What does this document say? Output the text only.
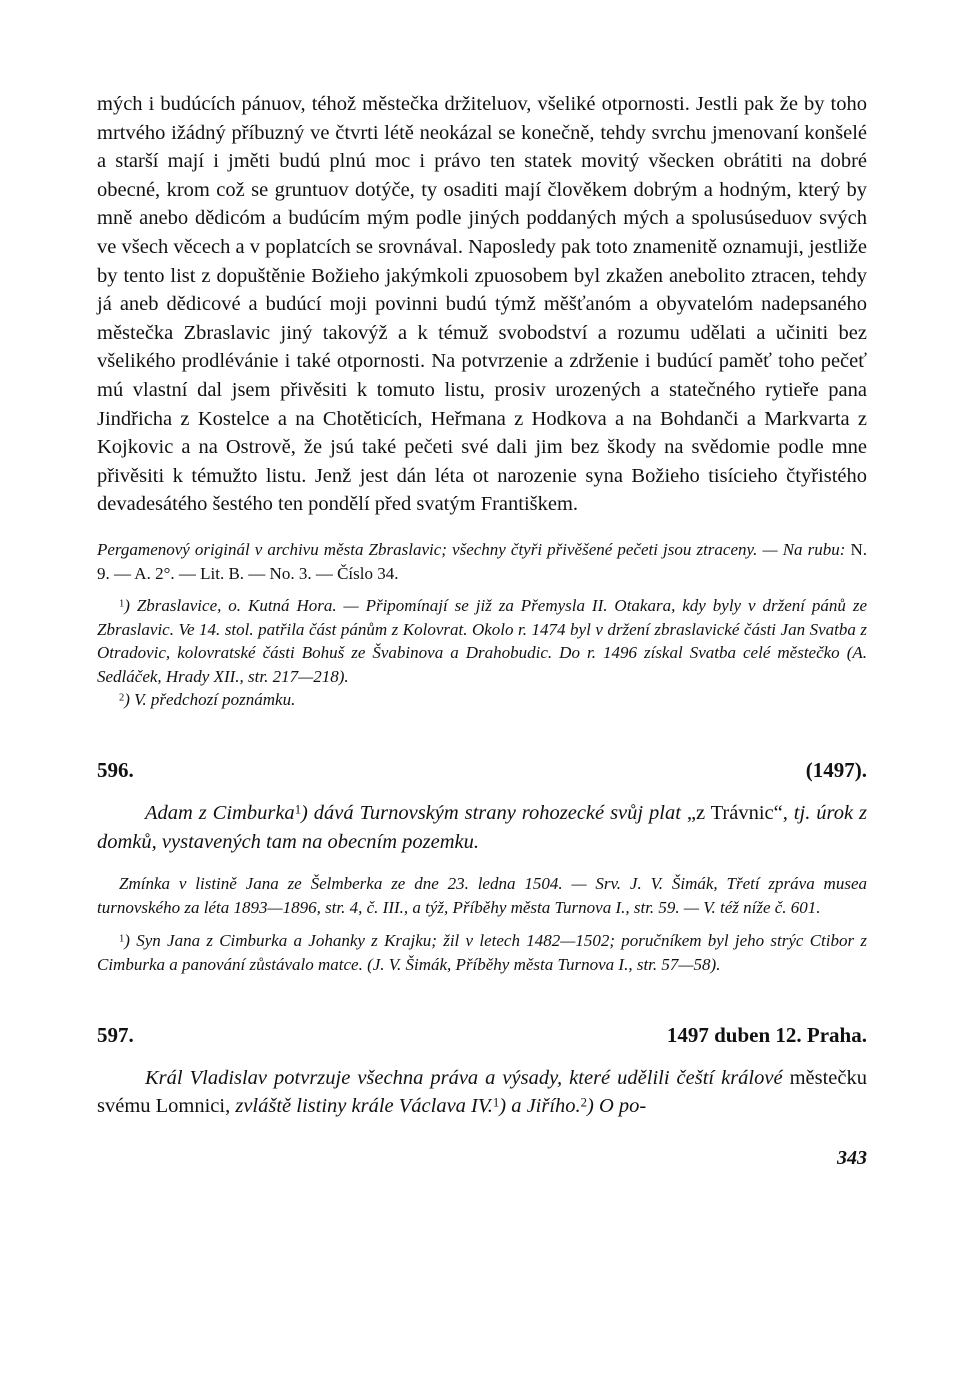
mých i budúcích pánuov, téhož městečka držiteluov, všeliké otpornosti. Jestli pak že by toho mrtvého ižádný příbuzný ve čtvrti létě neokázal se konečně, tehdy svrchu jmenovaní konšelé a starší mají i jměti budú plnú moc i právo ten statek movitý všecken obrátiti na dobré obecné, krom což se gruntuov dotýče, ty osaditi mají člověkem dobrým a hodným, který by mně anebo dědicóm a budúcím mým podle jiných poddaných mých a spolusúseduov svých ve všech věcech a v poplatcích se srovnával. Naposledy pak toto znamenitě oznamuji, jestliže by tento list z dopuštěnie Božieho jakýmkoli zpuosobem byl zkažen anebolito ztracen, tehdy já aneb dědicové a budúcí moji povinni budú týmž měšťanóm a obyvatelóm nadepsaného městečka Zbraslavic jiný takovýž a k témuž svobodství a rozumu udělati a učiniti bez všelikého prodlévánie i také otpornosti. Na potvrzenie a zdrženie i budúcí paměť toho pečeť mú vlastní dal jsem přivěsiti k tomuto listu, prosiv urozených a statečného rytieře pana Jindřicha z Kostelce a na Chotěticích, Heřmana z Hodkova a na Bohdanči a Markvarta z Kojkovic a na Ostrově, že jsú také pečeti své dali jim bez škody na svědomie podle mne přivěsiti k témužto listu. Jenž jest dán léta ot narozenie syna Božieho tisícieho čtyřistého devadesátého šestého ten pondělí před svatým Františkem.

Pergamenový originál v archivu města Zbraslavic; všechny čtyři přivěšené pečeti jsou ztraceny. — Na rubu: N. 9. — A. 2°. — Lit. B. — No. 3. — Číslo 34.

$^1$) Zbraslavice, o. Kutná Hora. — Připomínají se již za Přemysla II. Otakara, kdy byly v držení pánů ze Zbraslavic. Ve 14. stol. patřila část pánům z Kolovrat. Okolo r. 1474 byl v držení zbraslavické části Jan Svatba z Otradovic, kolovratské části Bohuš ze Švabinova a Drahobudic. Do r. 1496 získal Svatba celé městečko (A. Sedláček, Hrady XII., str. 217—218).

$^2$) V. předchozí poznámku.

596.	(1497).

Adam z Cimburka$^1$) dává Turnovským strany rohozecké svůj plat „z Trávnic“, tj. úrok z domků, vystavených tam na obecním pozemku.

Zmínka v listině Jana ze Šelmberka ze dne 23. ledna 1504. — Srv. J. V. Šimák, Třetí zpráva musea turnovského za léta 1893—1896, str. 4, č. III., a týž, Příběhy města Turnova I., str. 59. — V. též níže č. 601.

$^1$) Syn Jana z Cimburka a Johanky z Krajku; žil v letech 1482—1502; poručníkem byl jeho strýc Ctibor z Cimburka a panování zůstávalo matce. (J. V. Šimák, Příběhy města Turnova I., str. 57—58).

597.	1497 duben 12. Praha.

Král Vladislav potvrzuje všechna práva a výsady, které udělili čeští králové městečku svému Lomnici, zvláště listiny krále Václava IV.$^1$) a Jiřího.$^2$) O po-

343
